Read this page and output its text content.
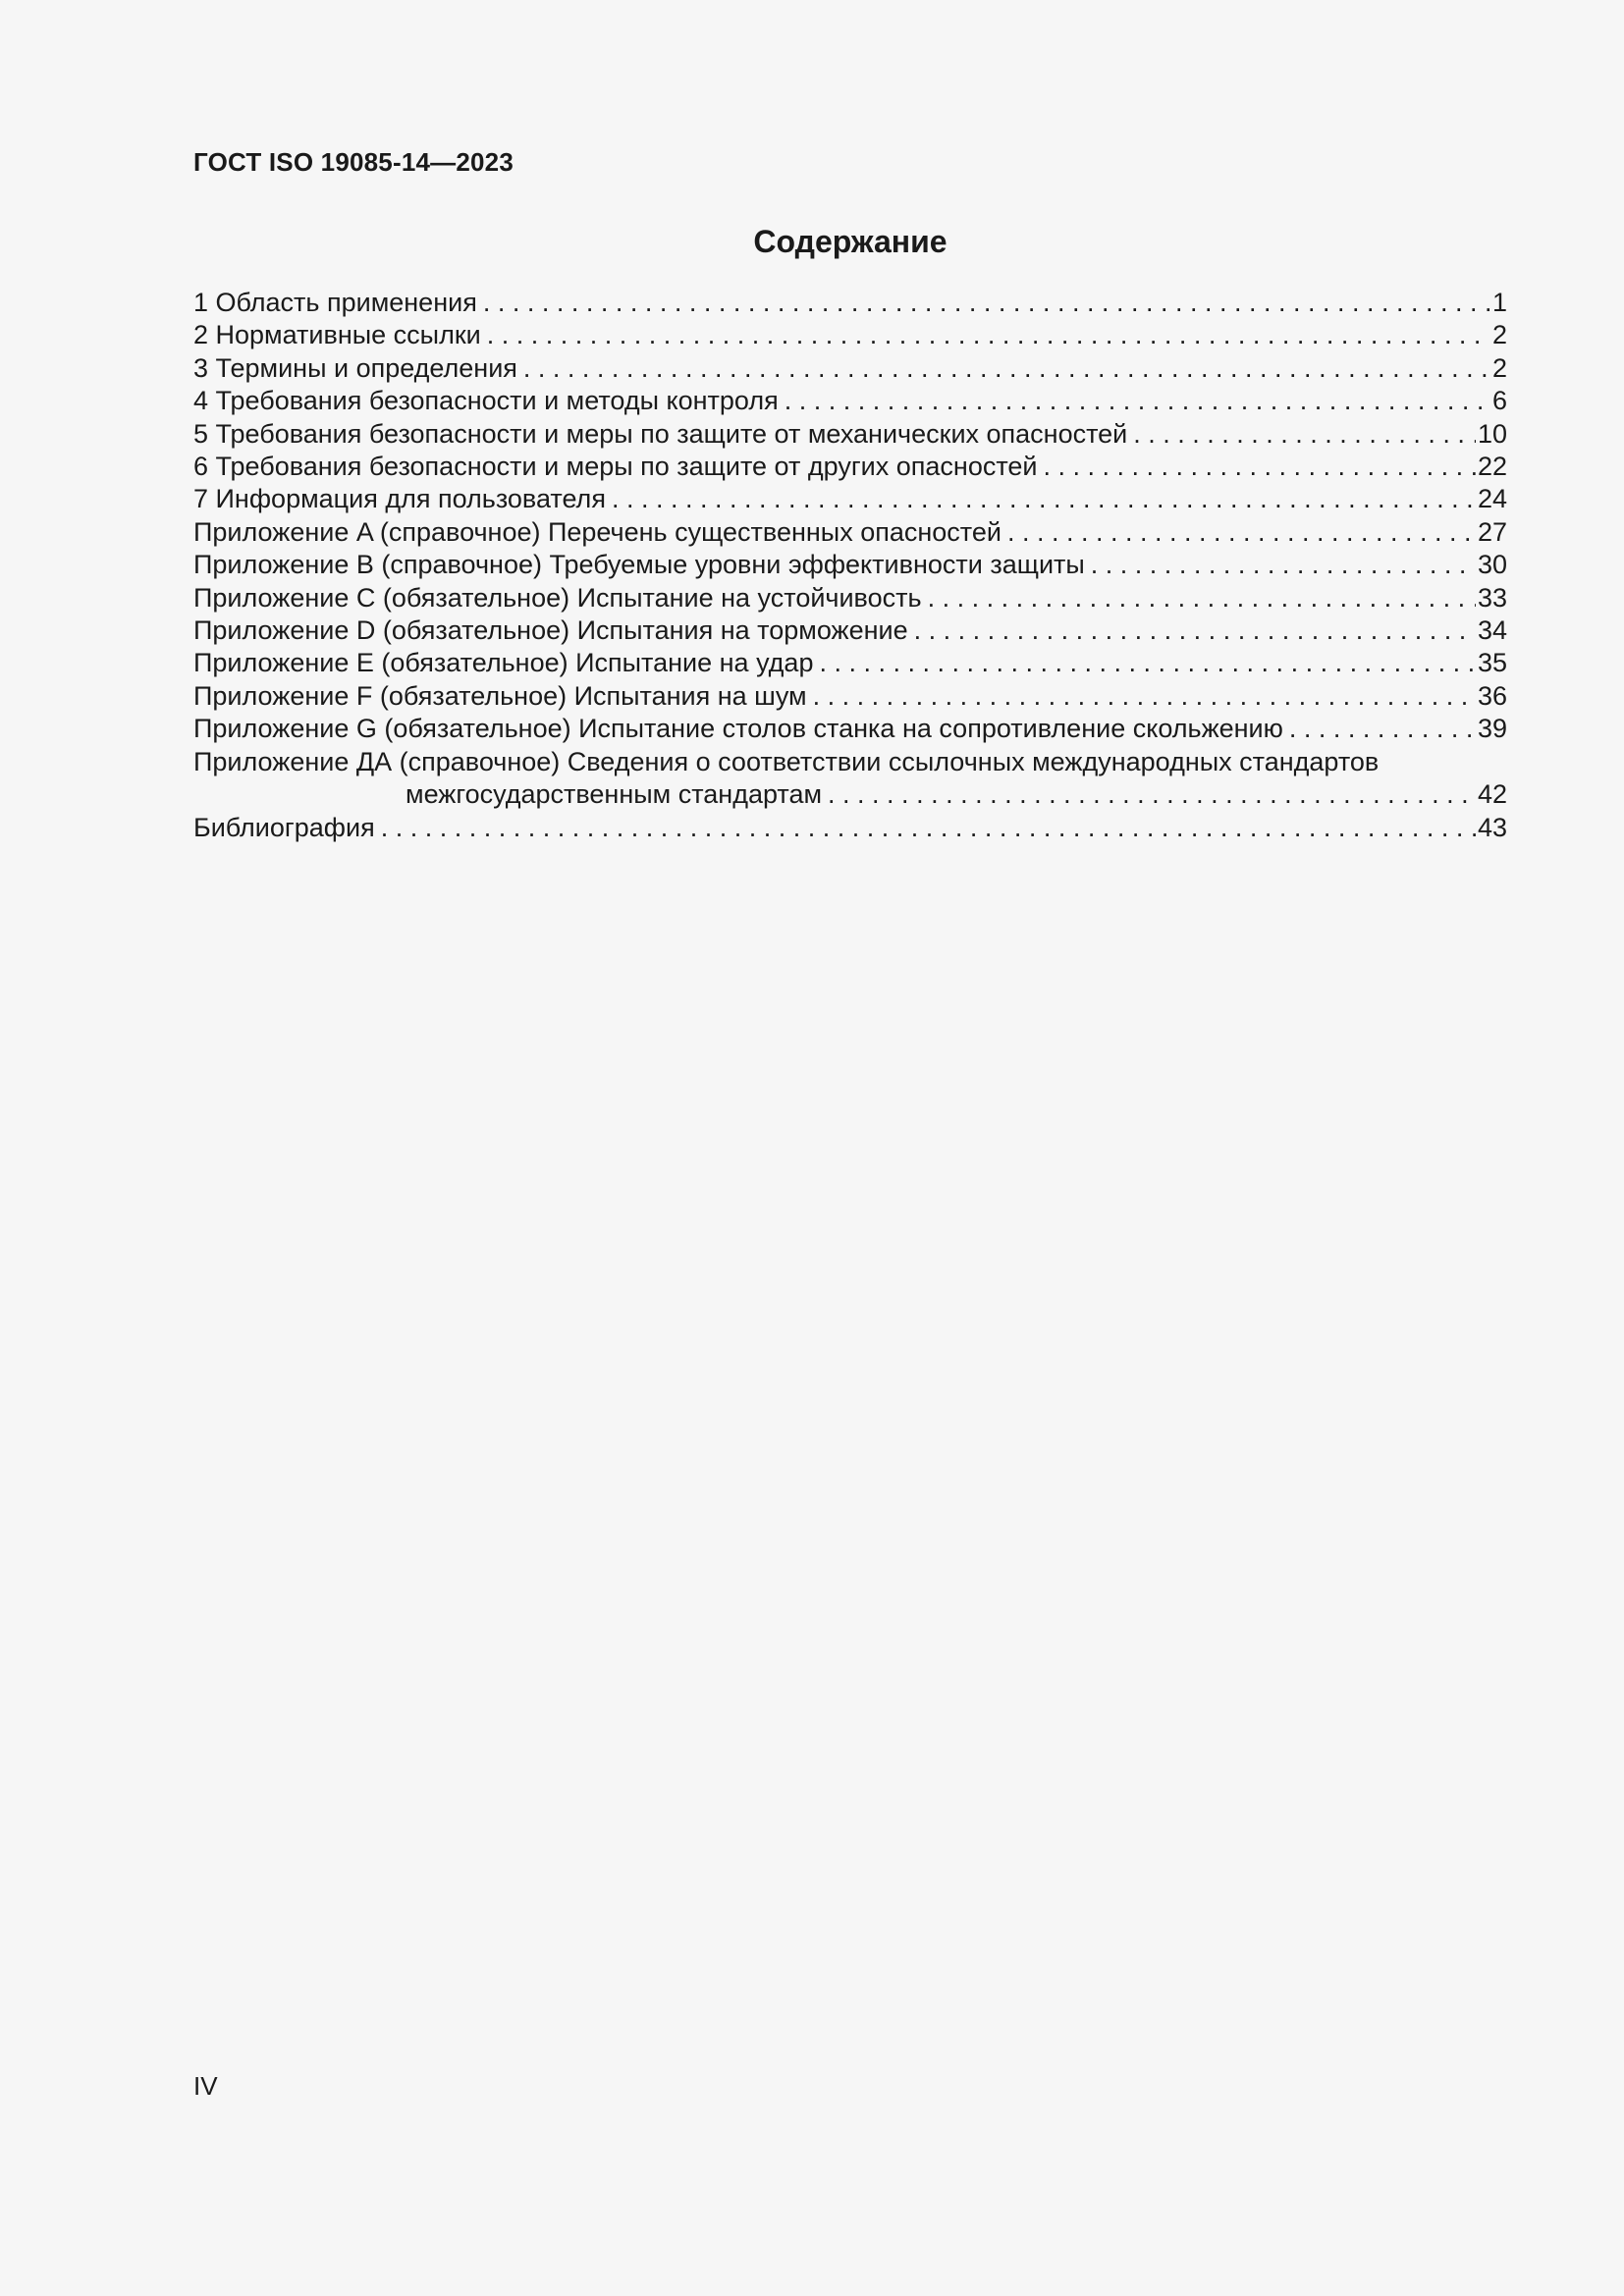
ГОСТ ISO 19085-14—2023
Содержание
1 Область применения . . .	1
2 Нормативные ссылки . . .	2
3 Термины и определения . . .	2
4 Требования безопасности и методы контроля . . .	6
5 Требования безопасности и меры по защите от механических опасностей . . .	10
6 Требования безопасности и меры по защите от других опасностей . . .	22
7 Информация для пользователя . . .	24
Приложение A (справочное) Перечень существенных опасностей . . .	27
Приложение B (справочное) Требуемые уровни эффективности защиты . . .	30
Приложение C (обязательное) Испытание на устойчивость . . .	33
Приложение D (обязательное) Испытания на торможение . . .	34
Приложение E (обязательное) Испытание на удар . . .	35
Приложение F (обязательное) Испытания на шум . . .	36
Приложение G (обязательное) Испытание столов станка на сопротивление скольжению . . .	39
Приложение ДА (справочное) Сведения о соответствии ссылочных международных стандартов
межгосударственным стандартам . . .	42
Библиография . . .	43
IV
